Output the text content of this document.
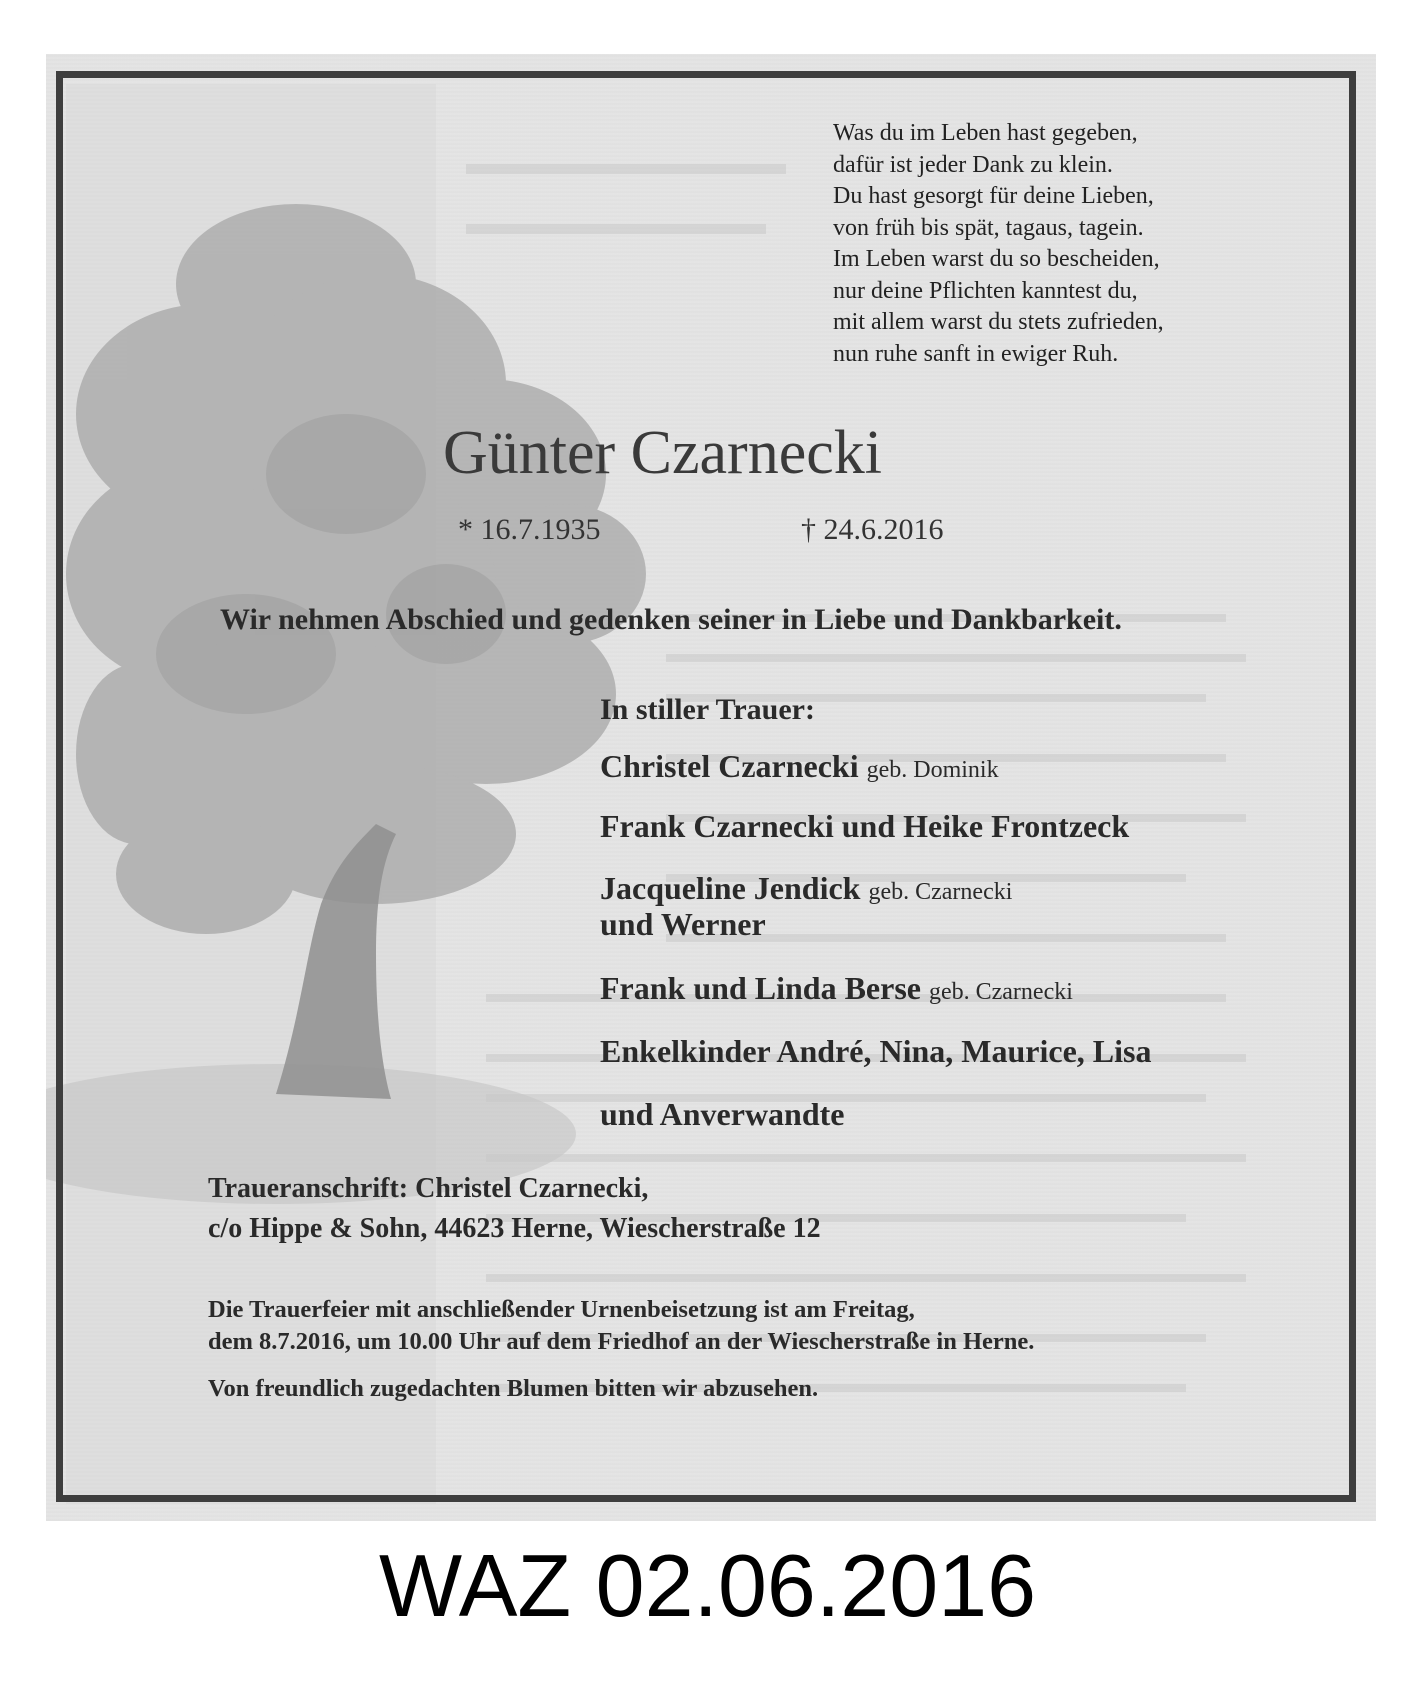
Was du im Leben hast gegeben,
dafür ist jeder Dank zu klein.
Du hast gesorgt für deine Lieben,
von früh bis spät, tagaus, tagein.
Im Leben warst du so bescheiden,
nur deine Pflichten kanntest du,
mit allem warst du stets zufrieden,
nun ruhe sanft in ewiger Ruh.
Günter Czarnecki
* 16.7.1935	† 24.6.2016
Wir nehmen Abschied und gedenken seiner in Liebe und Dankbarkeit.
In stiller Trauer:
Christel Czarnecki geb. Dominik
Frank Czarnecki und Heike Frontzeck
Jacqueline Jendick geb. Czarnecki
und Werner
Frank und Linda Berse geb. Czarnecki
Enkelkinder André, Nina, Maurice, Lisa
und Anverwandte
Traueranschrift: Christel Czarnecki,
c/o Hippe & Sohn, 44623 Herne, Wiescherstraße 12
Die Trauerfeier mit anschließender Urnenbeisetzung ist am Freitag,
dem 8.7.2016, um 10.00 Uhr auf dem Friedhof an der Wiescherstraße in Herne.
Von freundlich zugedachten Blumen bitten wir abzusehen.
WAZ 02.06.2016
